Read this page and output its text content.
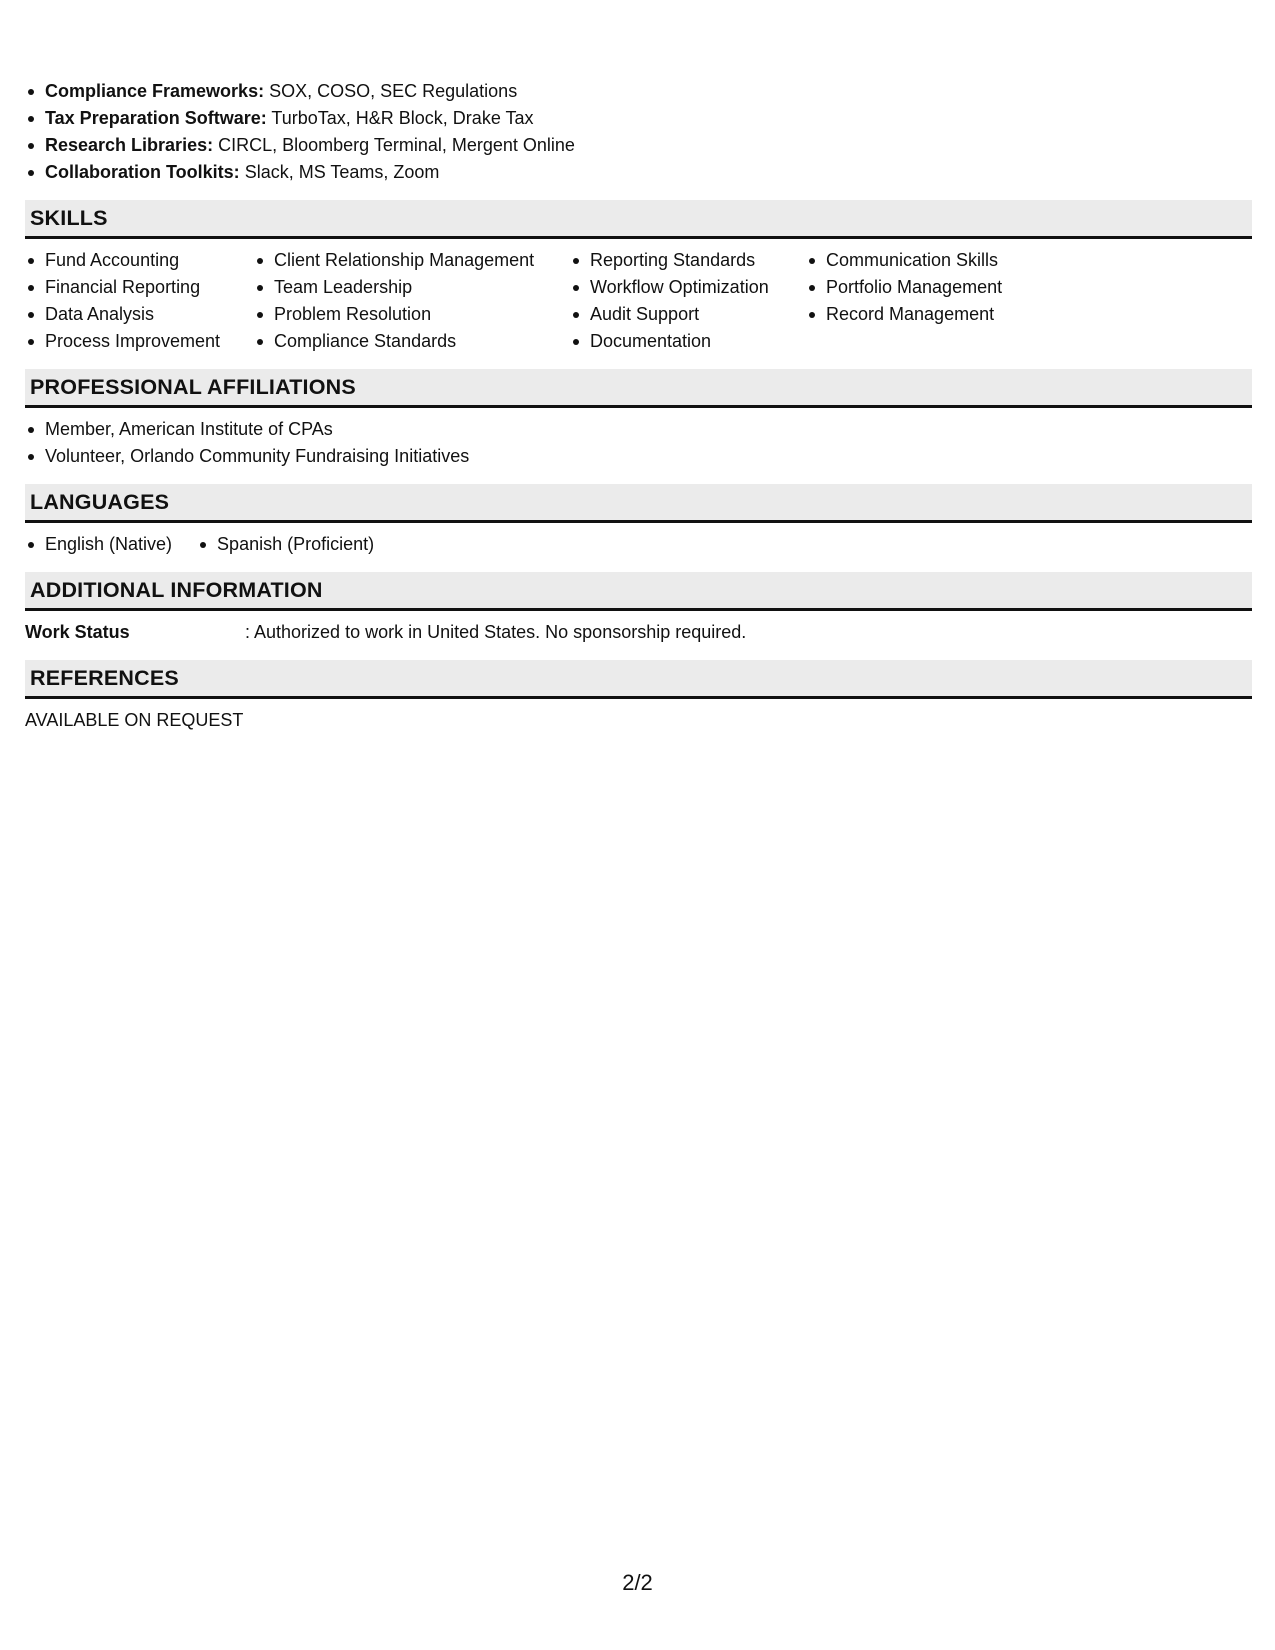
Compliance Frameworks: SOX, COSO, SEC Regulations
Tax Preparation Software: TurboTax, H&R Block, Drake Tax
Research Libraries: CIRCL, Bloomberg Terminal, Mergent Online
Collaboration Toolkits: Slack, MS Teams, Zoom
SKILLS
Fund Accounting
Financial Reporting
Data Analysis
Process Improvement
Client Relationship Management
Team Leadership
Problem Resolution
Compliance Standards
Reporting Standards
Workflow Optimization
Audit Support
Documentation
Communication Skills
Portfolio Management
Record Management
PROFESSIONAL AFFILIATIONS
Member, American Institute of CPAs
Volunteer, Orlando Community Fundraising Initiatives
LANGUAGES
English (Native)	Spanish (Proficient)
ADDITIONAL INFORMATION
Work Status	: Authorized to work in United States. No sponsorship required.
REFERENCES
AVAILABLE ON REQUEST
2/2
